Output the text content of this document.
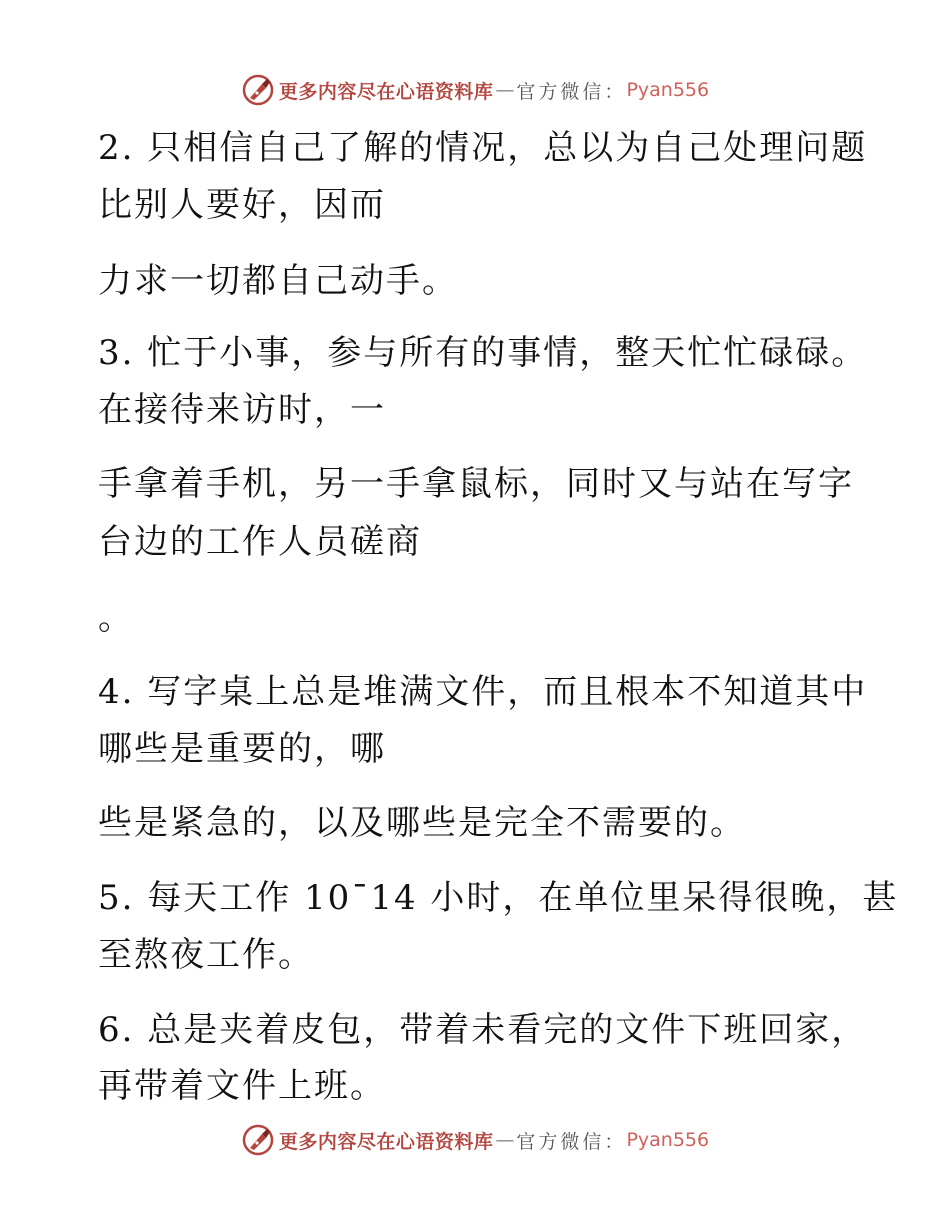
更多内容尽在心语资料库 — 官方微信： Pyan556
2. 只相信自己了解的情况，总以为自己处理问题
比别人要好，因而
力求一切都自己动手。
3. 忙于小事，参与所有的事情，整天忙忙碌碌。
在接待来访时，一
手拿着手机，另一手拿鼠标，同时又与站在写字
台边的工作人员磋商
。
4. 写字桌上总是堆满文件，而且根本不知道其中
哪些是重要的，哪
些是紧急的，以及哪些是完全不需要的。
5. 每天工作 10¯14 小时，在单位里呆得很晚，甚
至熬夜工作。
6. 总是夹着皮包，带着未看完的文件下班回家，
再带着文件上班。
更多内容尽在心语资料库 — 官方微信： Pyan556
